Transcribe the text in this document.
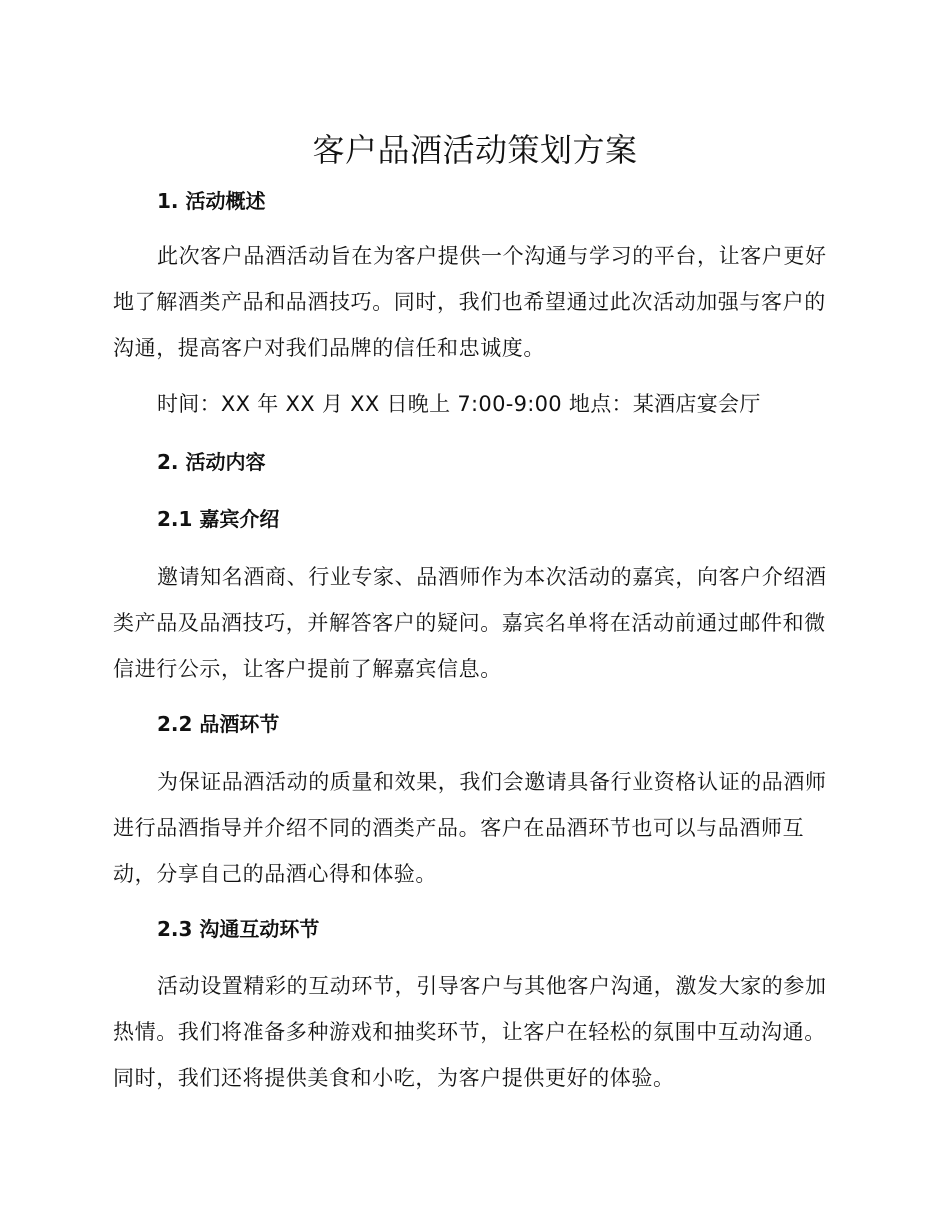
客户品酒活动策划方案
1. 活动概述

此次客户品酒活动旨在为客户提供一个沟通与学习的平台，让客户更好地了解酒类产品和品酒技巧。同时，我们也希望通过此次活动加强与客户的沟通，提高客户对我们品牌的信任和忠诚度。

时间：XX 年 XX 月 XX 日晚上 7:00-9:00 地点：某酒店宴会厅
2. 活动内容
2.1 嘉宾介绍

邀请知名酒商、行业专家、品酒师作为本次活动的嘉宾，向客户介绍酒类产品及品酒技巧，并解答客户的疑问。嘉宾名单将在活动前通过邮件和微信进行公示，让客户提前了解嘉宾信息。

2.2 品酒环节

为保证品酒活动的质量和效果，我们会邀请具备行业资格认证的品酒师进行品酒指导并介绍不同的酒类产品。客户在品酒环节也可以与品酒师互动，分享自己的品酒心得和体验。

2.3 沟通互动环节

活动设置精彩的互动环节，引导客户与其他客户沟通，激发大家的参加热情。我们将准备多种游戏和抽奖环节，让客户在轻松的氛围中互动沟通。同时，我们还将提供美食和小吃，为客户提供更好的体验。
